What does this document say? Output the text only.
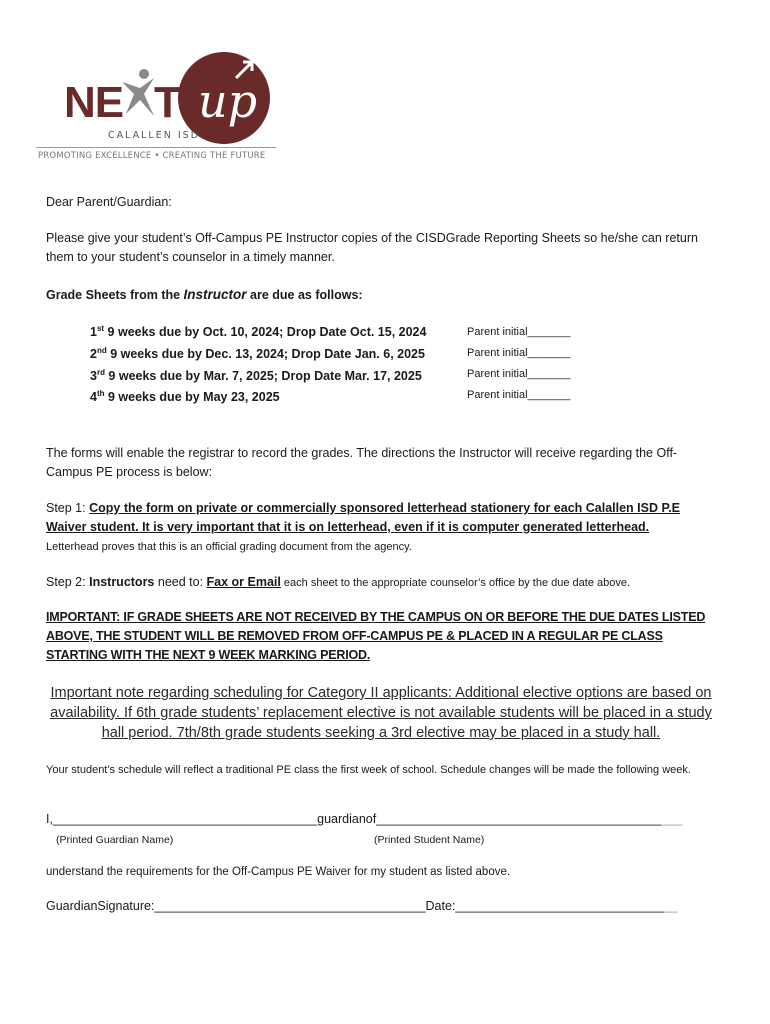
NE T up
CALALLEN ISD
PROMOTING EXCELLENCE • CREATING THE FUTURE
Dear Parent/Guardian:
Please give your student’s Off-Campus PE Instructor copies of the CISDGrade Reporting Sheets so he/she can return them to your student’s counselor in a timely manner.
Grade Sheets from the Instructor are due as follows:
1st 9 weeks due by Oct. 10, 2024; Drop Date Oct. 15, 2024	Parent initial_______
2nd 9 weeks due by Dec. 13, 2024; Drop Date Jan. 6, 2025	Parent initial_______
3rd 9 weeks due by Mar. 7, 2025; Drop Date Mar. 17, 2025	Parent initial_______
4th 9 weeks due by May 23, 2025	Parent initial_______
The forms will enable the registrar to record the grades. The directions the Instructor will receive regarding the Off-Campus PE process is below:
Step 1: Copy the form on private or commercially sponsored letterhead stationery for each Calallen ISD P.E Waiver student. It is very important that it is on letterhead, even if it is computer generated letterhead.
Letterhead proves that this is an official grading document from the agency.
Step 2: Instructors need to: Fax or Email each sheet to the appropriate counselor’s office by the due date above.
IMPORTANT: IF GRADE SHEETS ARE NOT RECEIVED BY THE CAMPUS ON OR BEFORE THE DUE DATES LISTED ABOVE, THE STUDENT WILL BE REMOVED FROM OFF-CAMPUS PE & PLACED IN A REGULAR PE CLASS STARTING WITH THE NEXT 9 WEEK MARKING PERIOD.
Important note regarding scheduling for Category II applicants: Additional elective options are based on availability. If 6th grade students’ replacement elective is not available students will be placed in a study hall period. 7th/8th grade students seeking a 3rd elective may be placed in a study hall.
Your student's schedule will reflect a traditional PE class the first week of school. Schedule changes will be made the following week.
I,______________________________________guardianof____________________________________________
(Printed Guardian Name)	(Printed Student Name)
understand the requirements for the Off-Campus PE Waiver for my student as listed above.
GuardianSignature:_______________________________________Date:________________________________
